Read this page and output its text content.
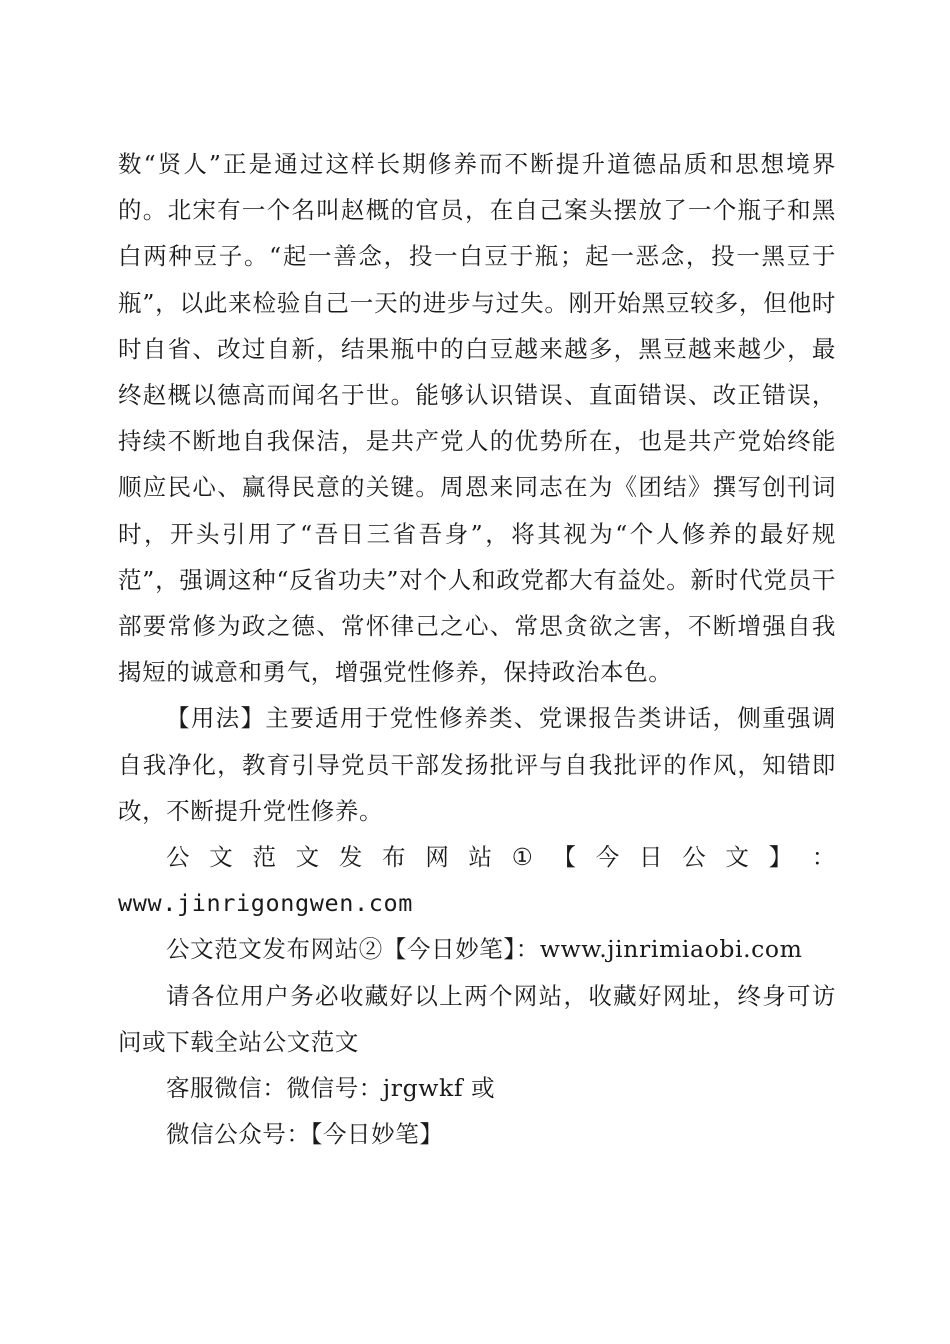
数“贤人”正是通过这样长期修养而不断提升道德品质和思想境界的。北宋有一个名叫赵概的官员，在自己案头摆放了一个瓶子和黑白两种豆子。“起一善念，投一白豆于瓶；起一恶念，投一黑豆于瓶”，以此来检验自己一天的进步与过失。刚开始黑豆较多，但他时时自省、改过自新，结果瓶中的白豆越来越多，黑豆越来越少，最终赵概以德高而闻名于世。能够认识错误、直面错误、改正错误，持续不断地自我保洁，是共产党人的优势所在，也是共产党始终能顺应民心、赢得民意的关键。周恩来同志在为《团结》撰写创刊词时，开头引用了“吾日三省吾身”，将其视为“个人修养的最好规范”，强调这种“反省功夫”对个人和政党都大有益处。新时代党员干部要常修为政之德、常怀律己之心、常思贪欲之害，不断增强自我揭短的诚意和勇气，增强党性修养，保持政治本色。

【用法】主要适用于党性修养类、党课报告类讲话，侧重强调自我净化，教育引导党员干部发扬批评与自我批评的作风，知错即改，不断提升党性修养。

公 文 范 文 发 布 网 站 ① 【 今 日 公 文 】 ：

www.jinrigongwen.com

公文范文发布网站②【今日妙笔】：www.jinrimiaobi.com

请各位用户务必收藏好以上两个网站，收藏好网址，终身可访问或下载全站公文范文

客服微信：微信号：jrgwkf 或

微信公众号：【今日妙笔】
